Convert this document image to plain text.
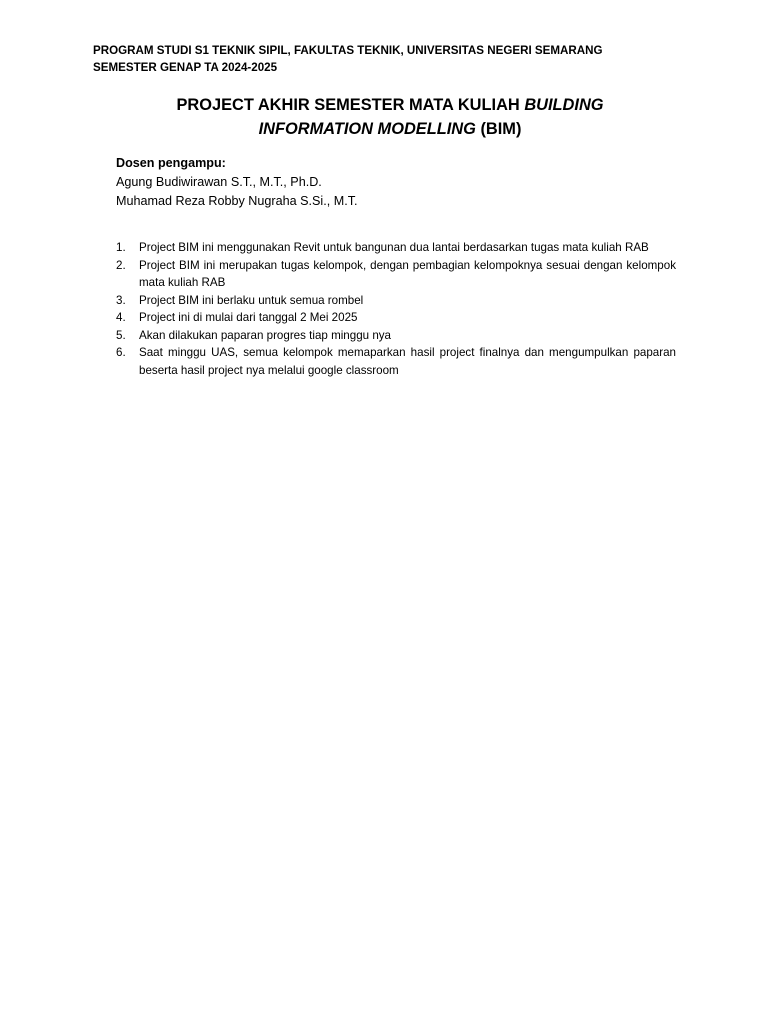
PROGRAM STUDI S1 TEKNIK SIPIL, FAKULTAS TEKNIK, UNIVERSITAS NEGERI SEMARANG
SEMESTER GENAP TA 2024-2025
PROJECT AKHIR SEMESTER MATA KULIAH BUILDING
INFORMATION MODELLING (BIM)
Dosen pengampu:
Agung Budiwirawan S.T., M.T., Ph.D.
Muhamad Reza Robby Nugraha S.Si., M.T.
1. Project BIM ini menggunakan Revit untuk bangunan dua lantai berdasarkan tugas mata kuliah RAB
2. Project BIM ini merupakan tugas kelompok, dengan pembagian kelompoknya sesuai dengan kelompok mata kuliah RAB
3. Project BIM ini berlaku untuk semua rombel
4. Project ini di mulai dari tanggal 2 Mei 2025
5. Akan dilakukan paparan progres tiap minggu nya
6. Saat minggu UAS, semua kelompok memaparkan hasil project finalnya dan mengumpulkan paparan beserta hasil project nya melalui google classroom
